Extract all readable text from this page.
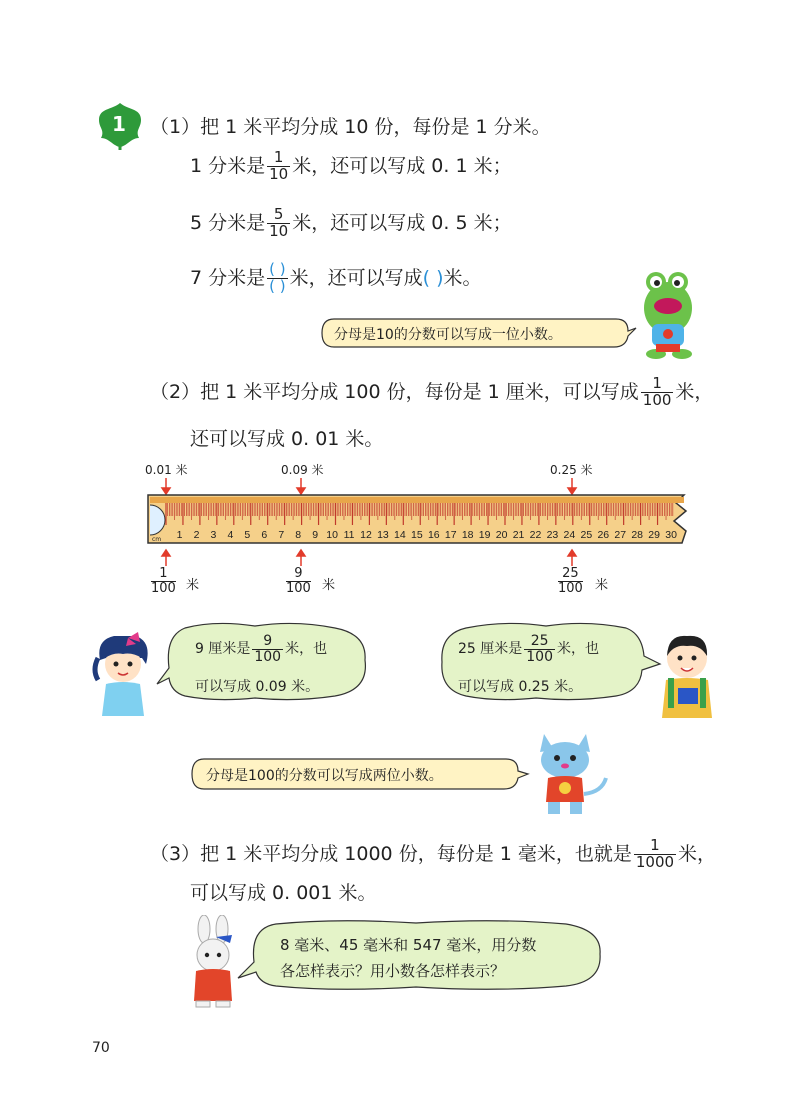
1 （1）把 1 米平均分成 10 份，每份是 1 分米。
1 分米是 $\frac{1}{10}$ 米，还可以写成 0. 1 米；
5 分米是 $\frac{5}{10}$ 米，还可以写成 0. 5 米；
7 分米是 $\frac{( )}{( )}$ 米，还可以写成( )米。
分母是10的分数可以写成一位小数。
（2）把 1 米平均分成 100 份，每份是 1 厘米，可以写成 $\frac{1}{100}$ 米，
还可以写成 0. 01 米。
0.01 米	0.09 米	0.25 米
1 2 3 4 5 6 7 8 9 10 11 12 13 14 15 16 17 18 19 20 21 22 23 24 25 26 27 28 29 30
cm
$\frac{1}{100}$ 米	$\frac{9}{100}$ 米	$\frac{25}{100}$ 米
9 厘米是 $\frac{9}{100}$ 米，也
可以写成 0.09 米。
25 厘米是 $\frac{25}{100}$ 米，也
可以写成 0.25 米。
分母是100的分数可以写成两位小数。
（3）把 1 米平均分成 1000 份，每份是 1 毫米，也就是 $\frac{1}{1000}$ 米，
可以写成 0. 001 米。
8 毫米、45 毫米和 547 毫米，用分数
各怎样表示？用小数各怎样表示？
70
